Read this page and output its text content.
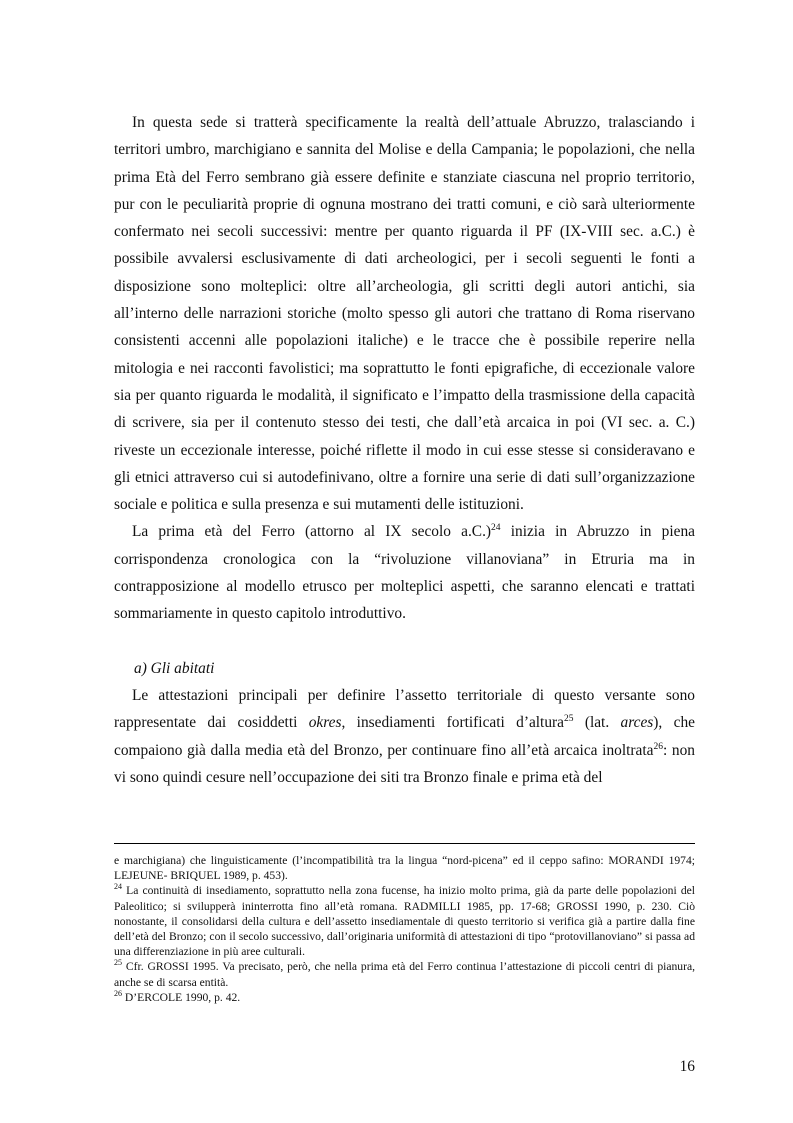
In questa sede si tratterà specificamente la realtà dell’attuale Abruzzo, tralasciando i territori umbro, marchigiano e sannita del Molise e della Campania; le popolazioni, che nella prima Età del Ferro sembrano già essere definite e stanziate ciascuna nel proprio territorio, pur con le peculiarità proprie di ognuna mostrano dei tratti comuni, e ciò sarà ulteriormente confermato nei secoli successivi: mentre per quanto riguarda il PF (IX-VIII sec. a.C.) è possibile avvalersi esclusivamente di dati archeologici, per i secoli seguenti le fonti a disposizione sono molteplici: oltre all’archeologia, gli scritti degli autori antichi, sia all’interno delle narrazioni storiche (molto spesso gli autori che trattano di Roma riservano consistenti accenni alle popolazioni italiche) e le tracce che è possibile reperire nella mitologia e nei racconti favolistici; ma soprattutto le fonti epigrafiche, di eccezionale valore sia per quanto riguarda le modalità, il significato e l’impatto della trasmissione della capacità di scrivere, sia per il contenuto stesso dei testi, che dall’età arcaica in poi (VI sec. a. C.) riveste un eccezionale interesse, poiché riflette il modo in cui esse stesse si consideravano e gli etnici attraverso cui si autodefinivano, oltre a fornire una serie di dati sull’organizzazione sociale e politica e sulla presenza e sui mutamenti delle istituzioni.

La prima età del Ferro (attorno al IX secolo a.C.)$^{24}$ inizia in Abruzzo in piena corrispondenza cronologica con la “rivoluzione villanoviana” in Etruria ma in contrapposizione al modello etrusco per molteplici aspetti, che saranno elencati e trattati sommariamente in questo capitolo introduttivo.

a) Gli abitati

Le attestazioni principali per definire l’assetto territoriale di questo versante sono rappresentate dai cosiddetti okres, insediamenti fortificati d’altura$^{25}$ (lat. arces), che compaiono già dalla media età del Bronzo, per continuare fino all’età arcaica inoltrata$^{26}$: non vi sono quindi cesure nell’occupazione dei siti tra Bronzo finale e prima età del

e marchigiana) che linguisticamente (l’incompatibilità tra la lingua “nord-picena” ed il ceppo safino: MORANDI 1974; LEJEUNE- BRIQUEL 1989, p. 453).

$^{24}$ La continuità di insediamento, soprattutto nella zona fucense, ha inizio molto prima, già da parte delle popolazioni del Paleolitico; si svilupperà ininterrotta fino all’età romana. RADMILLI 1985, pp. 17-68; GROSSI 1990, p. 230. Ciò nonostante, il consolidarsi della cultura e dell’assetto insediamentale di questo territorio si verifica già a partire dalla fine dell’età del Bronzo; con il secolo successivo, dall’originaria uniformità di attestazioni di tipo “protovillanoviano” si passa ad una differenziazione in più aree culturali.

$^{25}$ Cfr. GROSSI 1995. Va precisato, però, che nella prima età del Ferro continua l’attestazione di piccoli centri di pianura, anche se di scarsa entità.

$^{26}$ D’ERCOLE 1990, p. 42.

16
